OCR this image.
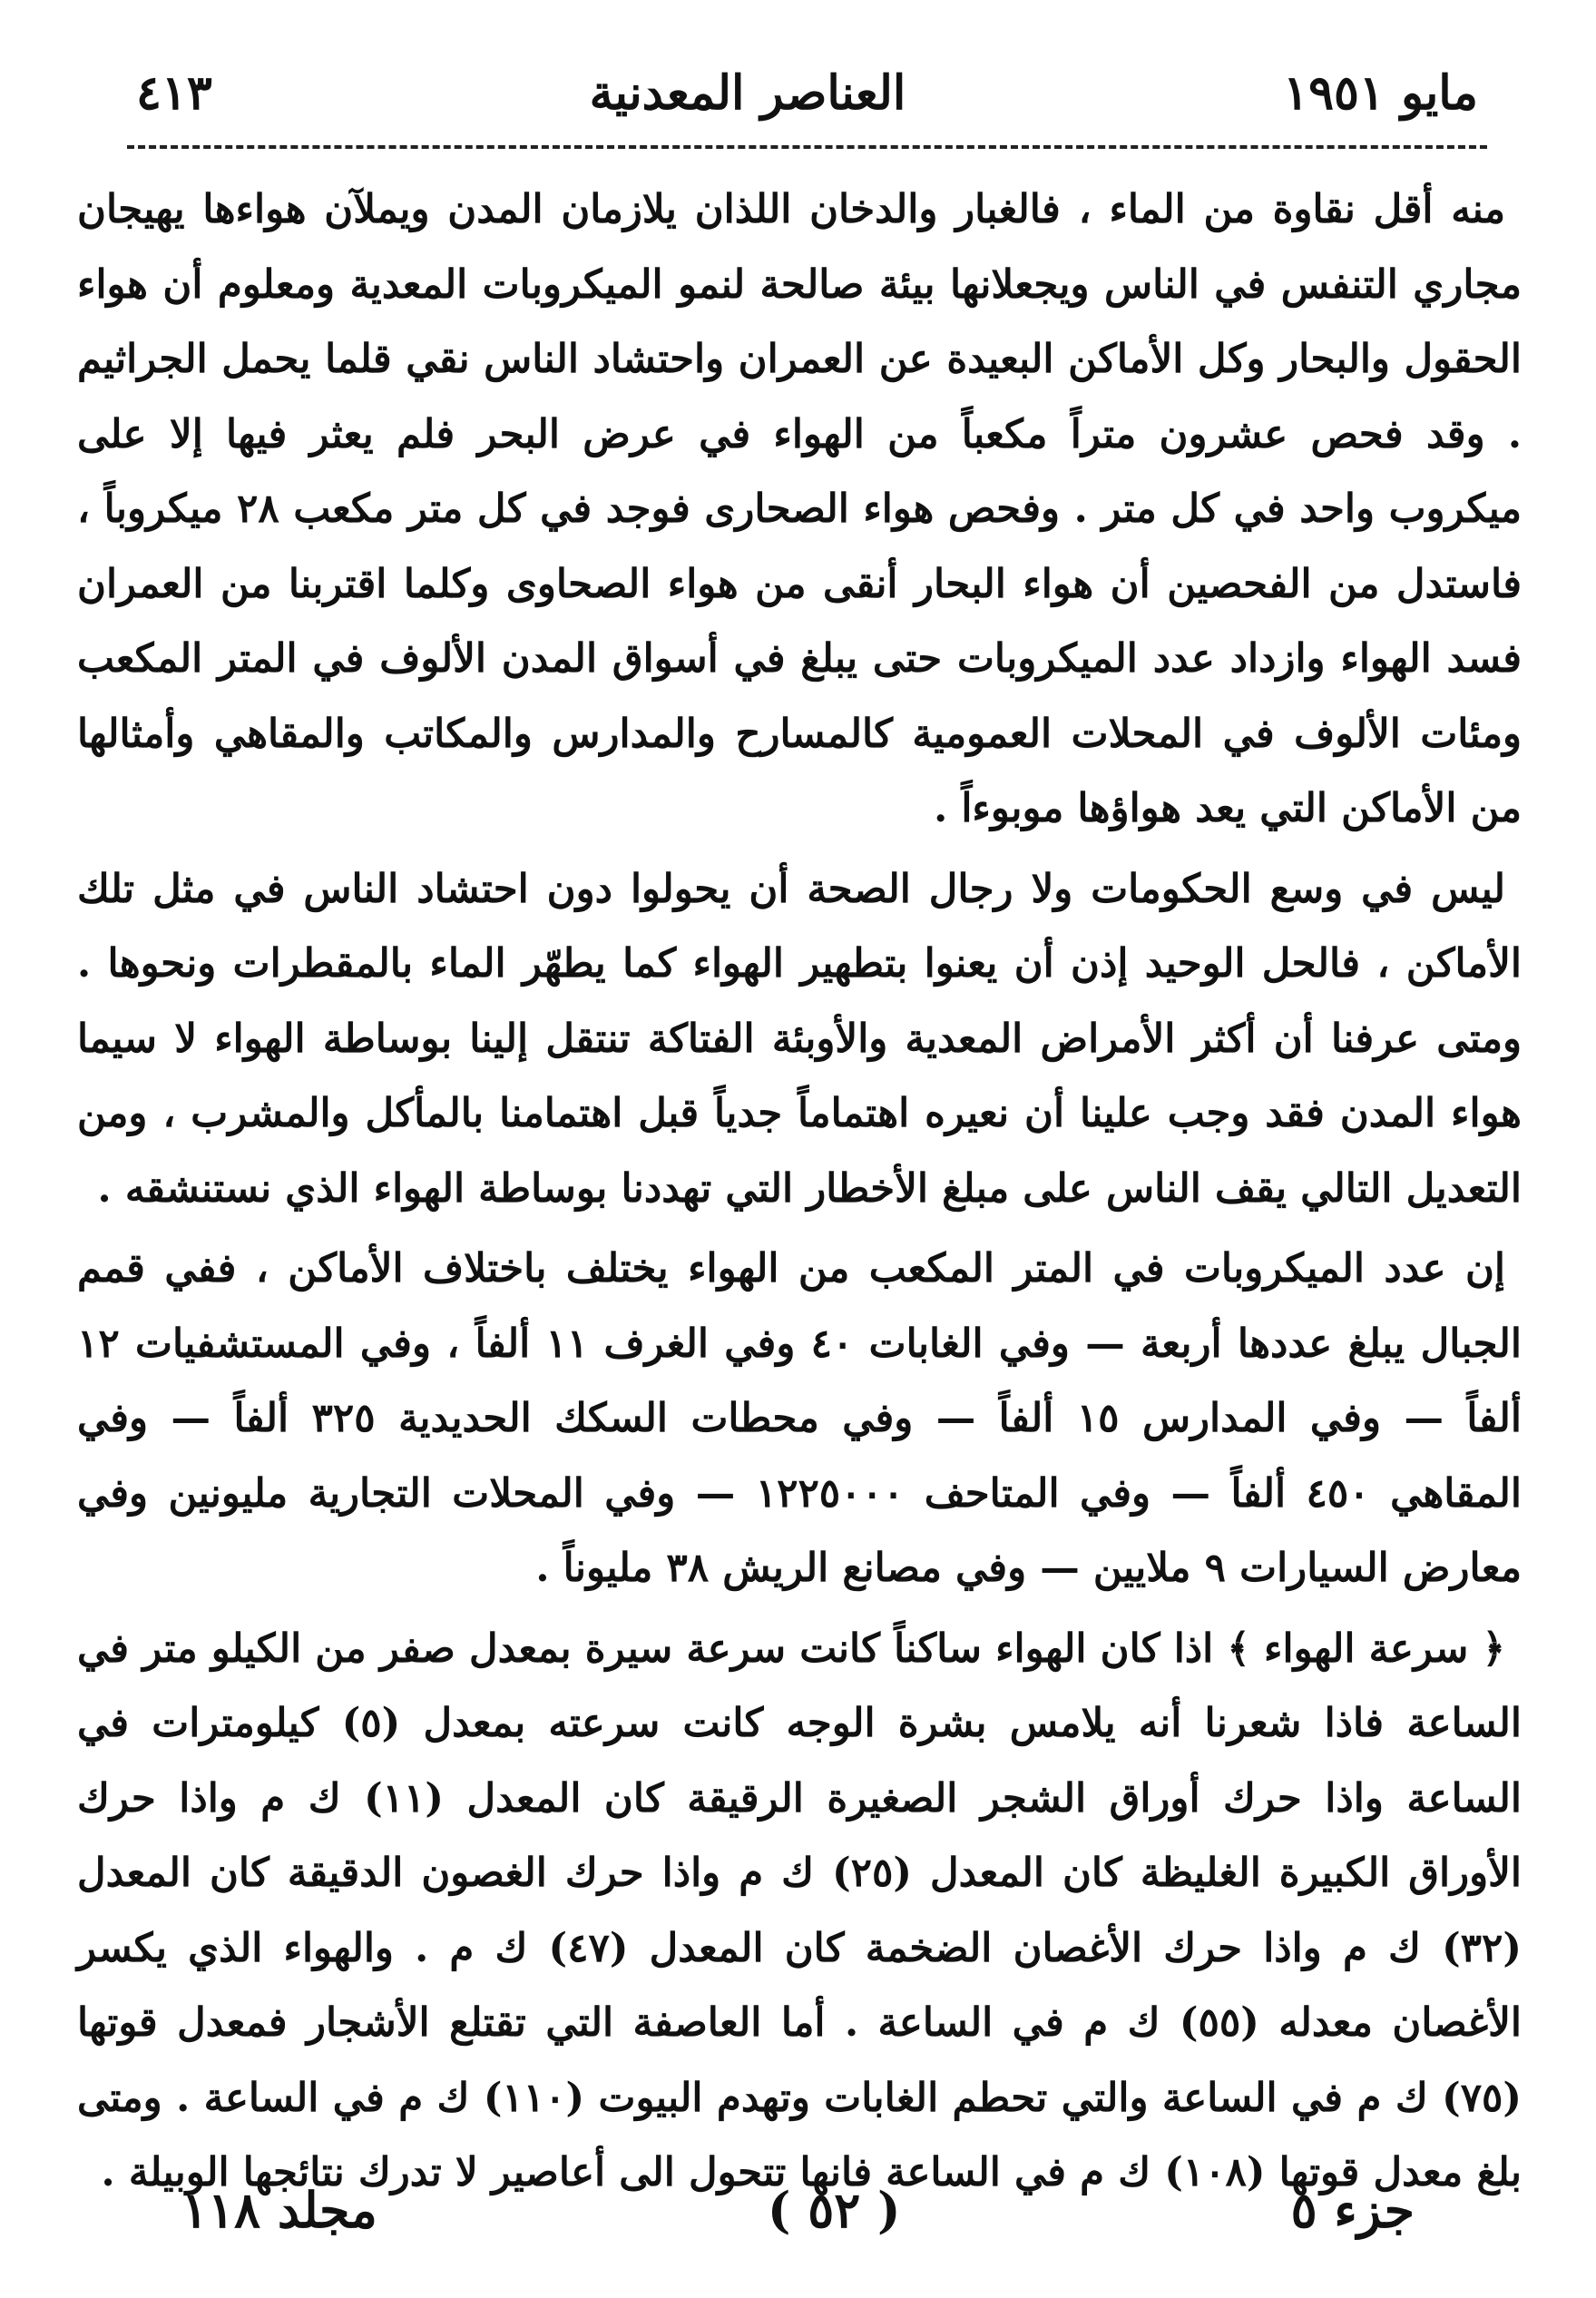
مايو ١٩٥١
العناصر المعدنية
٤١٣

منه أقل نقاوة من الماء ، فالغبار والدخان اللذان يلازمان المدن ويملآن هواءها يهيجان مجاري التنفس في الناس ويجعلانها بيئة صالحة لنمو الميكروبات المعدية ومعلوم أن هواء الحقول والبحار وكل الأماكن البعيدة عن العمران واحتشاد الناس نقي قلما يحمل الجراثيم . وقد فحص عشرون متراً مكعباً من الهواء في عرض البحر فلم يعثر فيها إلا على ميكروب واحد في كل متر . وفحص هواء الصحارى فوجد في كل متر مكعب ٢٨ ميكروباً ، فاستدل من الفحصين أن هواء البحار أنقى من هواء الصحاوى وكلما اقتربنا من العمران فسد الهواء وازداد عدد الميكروبات حتى يبلغ في أسواق المدن الألوف في المتر المكعب ومئات الألوف في المحلات العمومية كالمسارح والمدارس والمكاتب والمقاهي وأمثالها من الأماكن التي يعد هواؤها موبوءاً .

ليس في وسع الحكومات ولا رجال الصحة أن يحولوا دون احتشاد الناس في مثل تلك الأماكن ، فالحل الوحيد إذن أن يعنوا بتطهير الهواء كما يطهّر الماء بالمقطرات ونحوها . ومتى عرفنا أن أكثر الأمراض المعدية والأوبئة الفتاكة تنتقل إلينا بوساطة الهواء لا سيما هواء المدن فقد وجب علينا أن نعيره اهتماماً جدياً قبل اهتمامنا بالمأكل والمشرب ، ومن التعديل التالي يقف الناس على مبلغ الأخطار التي تهددنا بوساطة الهواء الذي نستنشقه .

إن عدد الميكروبات في المتر المكعب من الهواء يختلف باختلاف الأماكن ، ففي قمم الجبال يبلغ عددها أربعة — وفي الغابات ٤٠ وفي الغرف ١١ ألفاً ، وفي المستشفيات ١٢ ألفاً — وفي المدارس ١٥ ألفاً — وفي محطات السكك الحديدية ٣٢٥ ألفاً — وفي المقاهي ٤٥٠ ألفاً — وفي المتاحف ١٢٢٥٠٠٠ — وفي المحلات التجارية مليونين وفي معارض السيارات ٩ ملايين — وفي مصانع الريش ٣٨ مليوناً .

﴿ سرعة الهواء ﴾ اذا كان الهواء ساكناً كانت سرعة سيرة بمعدل صفر من الكيلو متر في الساعة فاذا شعرنا أنه يلامس بشرة الوجه كانت سرعته بمعدل (٥) كيلومترات في الساعة واذا حرك أوراق الشجر الصغيرة الرقيقة كان المعدل (١١) ك م واذا حرك الأوراق الكبيرة الغليظة كان المعدل (٢٥) ك م واذا حرك الغصون الدقيقة كان المعدل (٣٢) ك م واذا حرك الأغصان الضخمة كان المعدل (٤٧) ك م . والهواء الذي يكسر الأغصان معدله (٥٥) ك م في الساعة . أما العاصفة التي تقتلع الأشجار فمعدل قوتها (٧٥) ك م في الساعة والتي تحطم الغابات وتهدم البيوت (١١٠) ك م في الساعة . ومتى بلغ معدل قوتها (١٠٨) ك م في الساعة فانها تتحول الى أعاصير لا تدرك نتائجها الوبيلة .

جزء ٥
( ٥٢ )
مجلد ١١٨
